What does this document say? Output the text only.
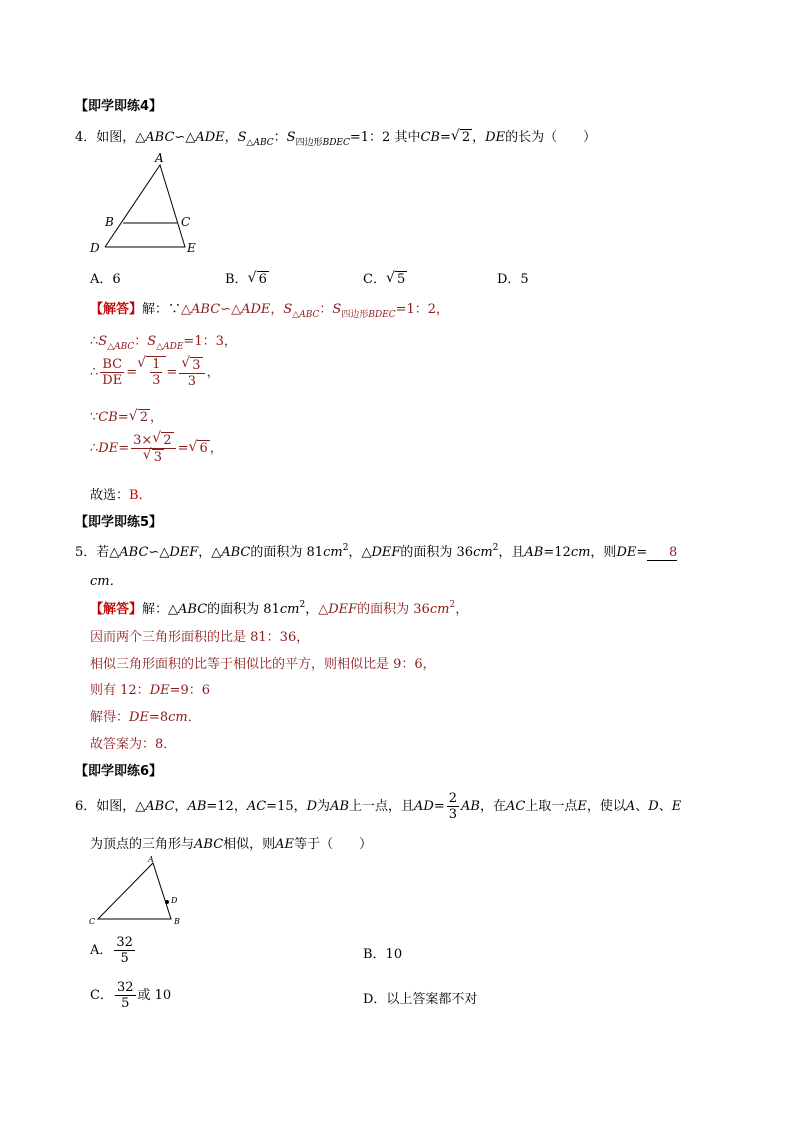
【即学即练4】
4．如图，△ABC∽△ADE，$S_{\triangle ABC}$：$S_{四边形BDEC}=1$：2 其中CB= √ 2 ，DE的长为（　　）
A
B	C
D	E
A．6	B． √ 6	C． √ 5	D．5
【解答】解：∵△ABC∽△ADE，$S_{\triangle ABC}$：$S_{四边形BDEC}=1$：2，
$\therefore S_{\triangle ABC}$：$S_{\triangle ADE}=1$：3，
∴ $\frac{BC}{DE}$ = √ $\frac{1}{3}$ = √ $\frac{3}{3}$ ，
∵CB= √ 2 ，
∴DE= 3× √ 2
√ 3 = √ 6 ，
故选：B．
【即学即练5】
5．若△ABC∽△DEF，△ABC的面积为 $81cm^2$，△DEF的面积为 $36cm^2$，且AB=12cm，则DE= 8
cm．
【解答】解：△ABC的面积为 $81cm^2$，△DEF的面积为 $36cm^2$，
因而两个三角形面积的比是 81：36，
相似三角形面积的比等于相似比的平方，则相似比是 9：6，
则有 12：DE=9：6
解得：DE=8cm．
故答案为：8．
【即学即练6】
6．如图，△ABC，AB=12，AC=15，D为AB上一点，且$AD= \frac{2}{3}$ AB，在AC上取一点E，使以A、D、E
为顶点的三角形与ABC相似，则AE等于（　　）
A
D
C	B
A． $\frac{32}{5}$	B．10
C． $\frac{32}{5}$ 或 10	D．以上答案都不对
